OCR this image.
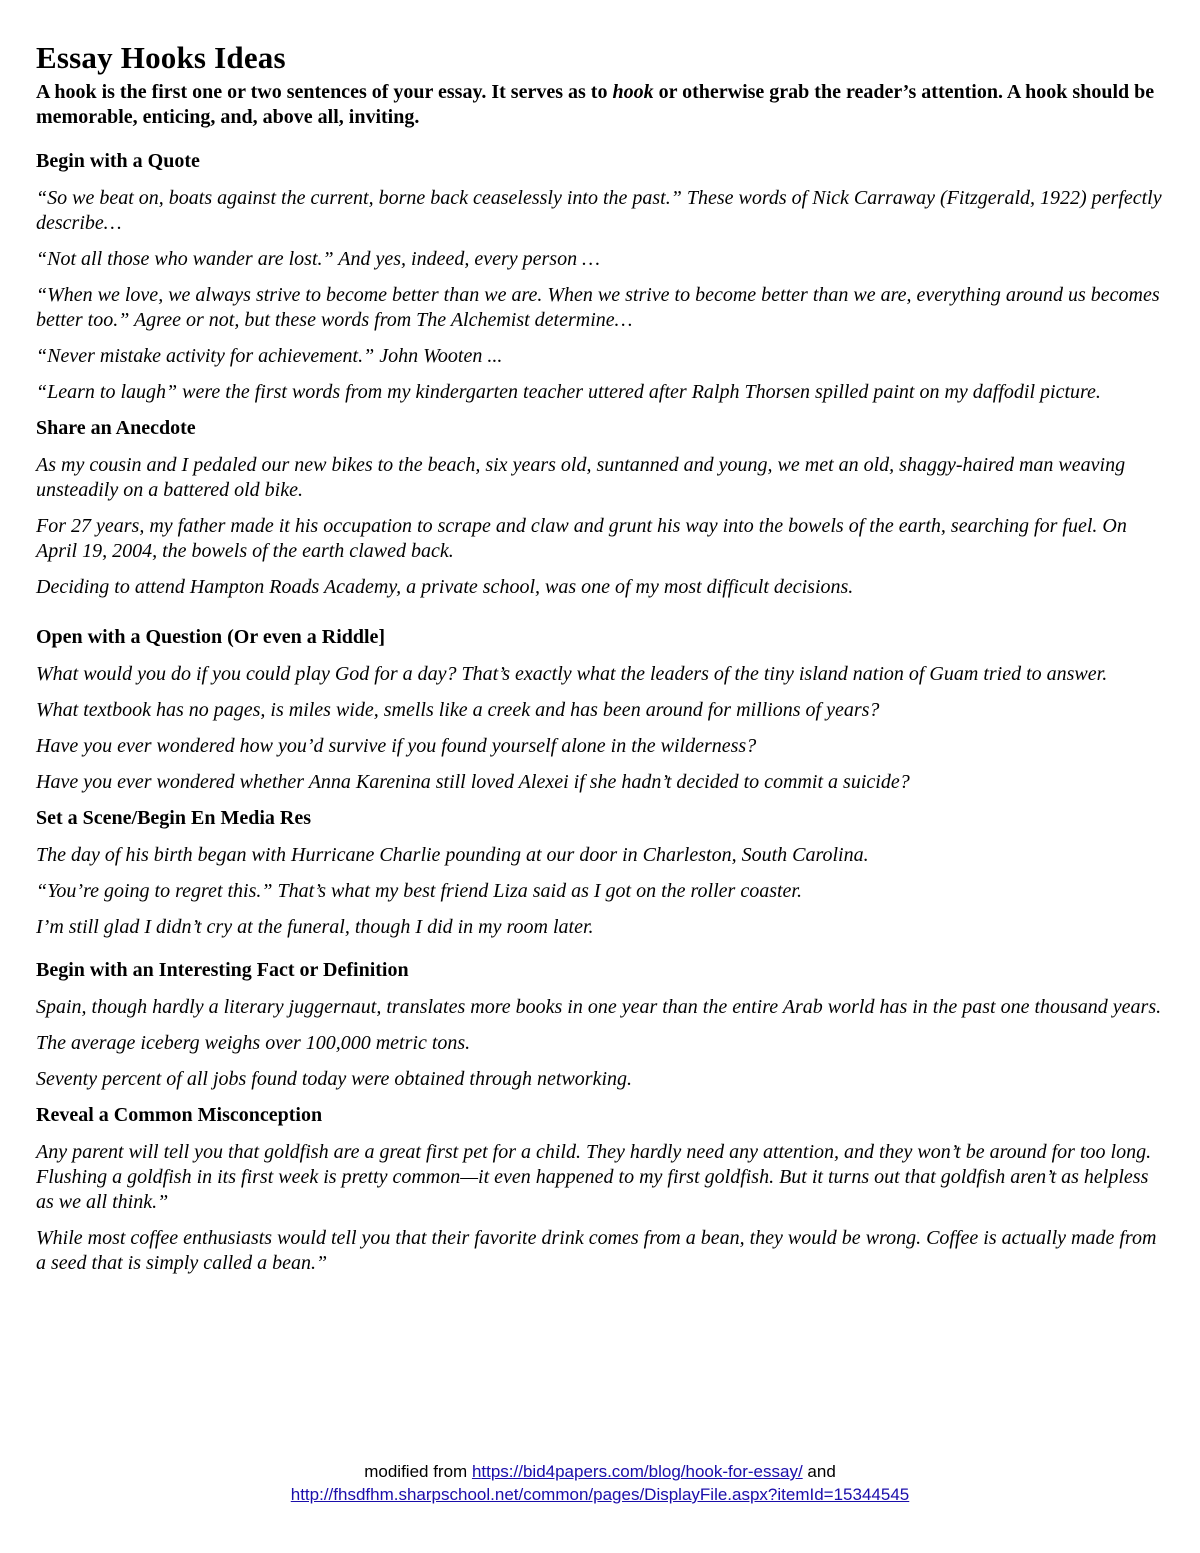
Essay Hooks Ideas

A hook is the first one or two sentences of your essay. It serves as to hook or otherwise grab the reader’s attention. A hook should be memorable, enticing, and, above all, inviting.

Begin with a Quote

“So we beat on, boats against the current, borne back ceaselessly into the past.” These words of Nick Carraway (Fitzgerald, 1922) perfectly describe…

“Not all those who wander are lost.” And yes, indeed, every person …

“When we love, we always strive to become better than we are. When we strive to become better than we are, everything around us becomes better too.” Agree or not, but these words from The Alchemist determine…

“Never mistake activity for achievement.” John Wooten ...

“Learn to laugh” were the first words from my kindergarten teacher uttered after Ralph Thorsen spilled paint on my daffodil picture.

Share an Anecdote

As my cousin and I pedaled our new bikes to the beach, six years old, suntanned and young, we met an old, shaggy-haired man weaving unsteadily on a battered old bike.

For 27 years, my father made it his occupation to scrape and claw and grunt his way into the bowels of the earth, searching for fuel. On April 19, 2004, the bowels of the earth clawed back.

Deciding to attend Hampton Roads Academy, a private school, was one of my most difficult decisions.

Open with a Question (Or even a Riddle]

What would you do if you could play God for a day? That’s exactly what the leaders of the tiny island nation of Guam tried to answer.

What textbook has no pages, is miles wide, smells like a creek and has been around for millions of years?

Have you ever wondered how you’d survive if you found yourself alone in the wilderness?

Have you ever wondered whether Anna Karenina still loved Alexei if she hadn’t decided to commit a suicide?

Set a Scene/Begin En Media Res

The day of his birth began with Hurricane Charlie pounding at our door in Charleston, South Carolina.

“You’re going to regret this.” That’s what my best friend Liza said as I got on the roller coaster.

I’m still glad I didn’t cry at the funeral, though I did in my room later.

Begin with an Interesting Fact or Definition

Spain, though hardly a literary juggernaut, translates more books in one year than the entire Arab world has in the past one thousand years.

The average iceberg weighs over 100,000 metric tons.

Seventy percent of all jobs found today were obtained through networking.

Reveal a Common Misconception

Any parent will tell you that goldfish are a great first pet for a child. They hardly need any attention, and they won’t be around for too long. Flushing a goldfish in its first week is pretty common—it even happened to my first goldfish. But it turns out that goldfish aren’t as helpless as we all think.”

While most coffee enthusiasts would tell you that their favorite drink comes from a bean, they would be wrong. Coffee is actually made from a seed that is simply called a bean.”

modified from https://bid4papers.com/blog/hook-for-essay/ and
http://fhsdfhm.sharpschool.net/common/pages/DisplayFile.aspx?itemId=15344545
